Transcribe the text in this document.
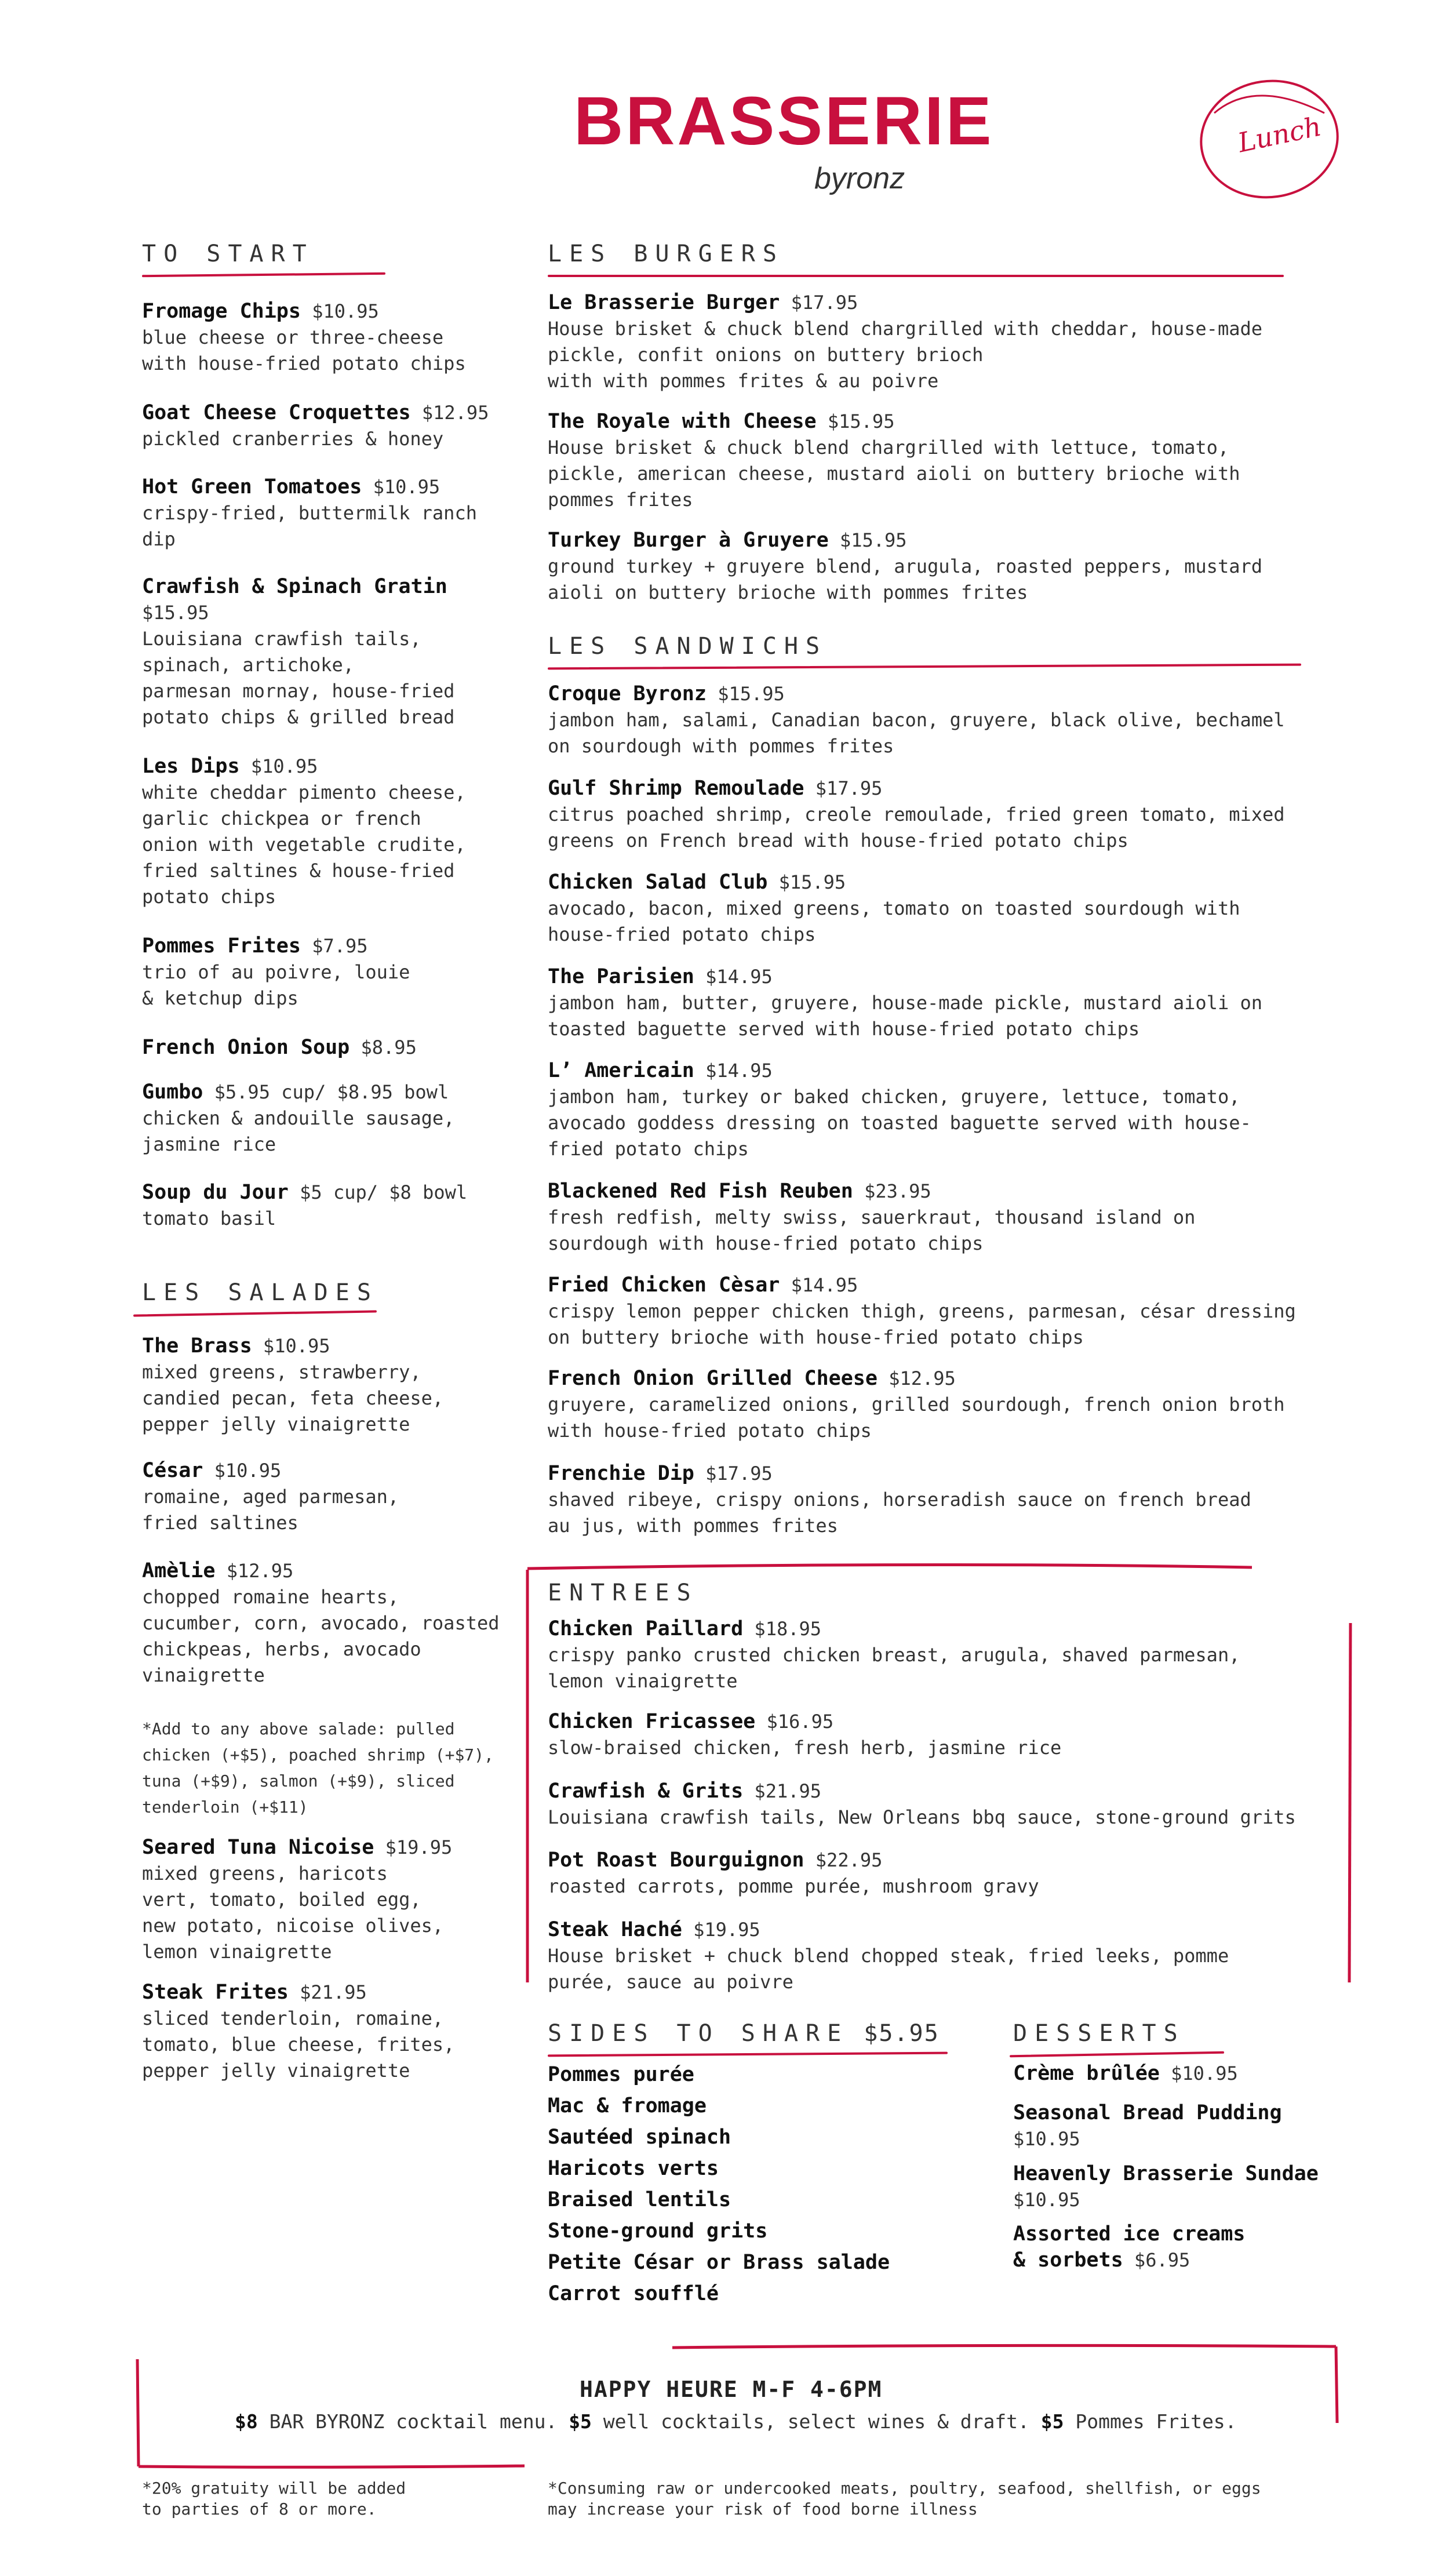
BRASSERIE
byronz
Lunch
TO START
Fromage Chips $10.95
blue cheese or three-cheese
with house-fried potato chips
Goat Cheese Croquettes $12.95
pickled cranberries & honey
Hot Green Tomatoes $10.95
crispy-fried, buttermilk ranch
dip
Crawfish & Spinach Gratin
$15.95
Louisiana crawfish tails,
spinach, artichoke,
parmesan mornay, house-fried
potato chips & grilled bread
Les Dips $10.95
white cheddar pimento cheese,
garlic chickpea or french
onion with vegetable crudite,
fried saltines & house-fried
potato chips
Pommes Frites $7.95
trio of au poivre, louie
& ketchup dips
French Onion Soup $8.95
Gumbo $5.95 cup/ $8.95 bowl
chicken & andouille sausage,
jasmine rice
Soup du Jour $5 cup/ $8 bowl
tomato basil
LES SALADES
The Brass $10.95
mixed greens, strawberry,
candied pecan, feta cheese,
pepper jelly vinaigrette
César $10.95
romaine, aged parmesan,
fried saltines
Amèlie $12.95
chopped romaine hearts,
cucumber, corn, avocado, roasted
chickpeas, herbs, avocado
vinaigrette
*Add to any above salade: pulled
chicken (+$5), poached shrimp (+$7),
tuna (+$9), salmon (+$9), sliced
tenderloin (+$11)
Seared Tuna Nicoise $19.95
mixed greens, haricots
vert, tomato, boiled egg,
new potato, nicoise olives,
lemon vinaigrette
Steak Frites $21.95
sliced tenderloin, romaine,
tomato, blue cheese, frites,
pepper jelly vinaigrette
LES BURGERS
Le Brasserie Burger $17.95
House brisket & chuck blend chargrilled with cheddar, house-made
pickle, confit onions on buttery brioch
with with pommes frites & au poivre
The Royale with Cheese $15.95
House brisket & chuck blend chargrilled with lettuce, tomato,
pickle, american cheese, mustard aioli on buttery brioche with
pommes frites
Turkey Burger à Gruyere $15.95
ground turkey + gruyere blend, arugula, roasted peppers, mustard
aioli on buttery brioche with pommes frites
LES SANDWICHS
Croque Byronz $15.95
jambon ham, salami, Canadian bacon, gruyere, black olive, bechamel
on sourdough with pommes frites
Gulf Shrimp Remoulade $17.95
citrus poached shrimp, creole remoulade, fried green tomato, mixed
greens on French bread with house-fried potato chips
Chicken Salad Club $15.95
avocado, bacon, mixed greens, tomato on toasted sourdough with
house-fried potato chips
The Parisien $14.95
jambon ham, butter, gruyere, house-made pickle, mustard aioli on
toasted baguette served with house-fried potato chips
L’ Americain $14.95
jambon ham, turkey or baked chicken, gruyere, lettuce, tomato,
avocado goddess dressing on toasted baguette served with house-
fried potato chips
Blackened Red Fish Reuben $23.95
fresh redfish, melty swiss, sauerkraut, thousand island on
sourdough with house-fried potato chips
Fried Chicken Cèsar $14.95
crispy lemon pepper chicken thigh, greens, parmesan, césar dressing
on buttery brioche with house-fried potato chips
French Onion Grilled Cheese $12.95
gruyere, caramelized onions, grilled sourdough, french onion broth
with house-fried potato chips
Frenchie Dip $17.95
shaved ribeye, crispy onions, horseradish sauce on french bread
au jus, with pommes frites
ENTREES
Chicken Paillard $18.95
crispy panko crusted chicken breast, arugula, shaved parmesan,
lemon vinaigrette
Chicken Fricassee $16.95
slow-braised chicken, fresh herb, jasmine rice
Crawfish & Grits $21.95
Louisiana crawfish tails, New Orleans bbq sauce, stone-ground grits
Pot Roast Bourguignon $22.95
roasted carrots, pomme purée, mushroom gravy
Steak Haché $19.95
House brisket + chuck blend chopped steak, fried leeks, pomme
purée, sauce au poivre
SIDES TO SHARE $5.95
Pommes purée
Mac & fromage
Sautéed spinach
Haricots verts
Braised lentils
Stone-ground grits
Petite César or Brass salade
Carrot soufflé
DESSERTS
Crème brûlée $10.95
Seasonal Bread Pudding
$10.95
Heavenly Brasserie Sundae
$10.95
Assorted ice creams
& sorbets $6.95
HAPPY HEURE M-F 4-6PM
$8 BAR BYRONZ cocktail menu. $5 well cocktails, select wines & draft. $5 Pommes Frites.
*20% gratuity will be added
to parties of 8 or more.
*Consuming raw or undercooked meats, poultry, seafood, shellfish, or eggs
may increase your risk of food borne illness
